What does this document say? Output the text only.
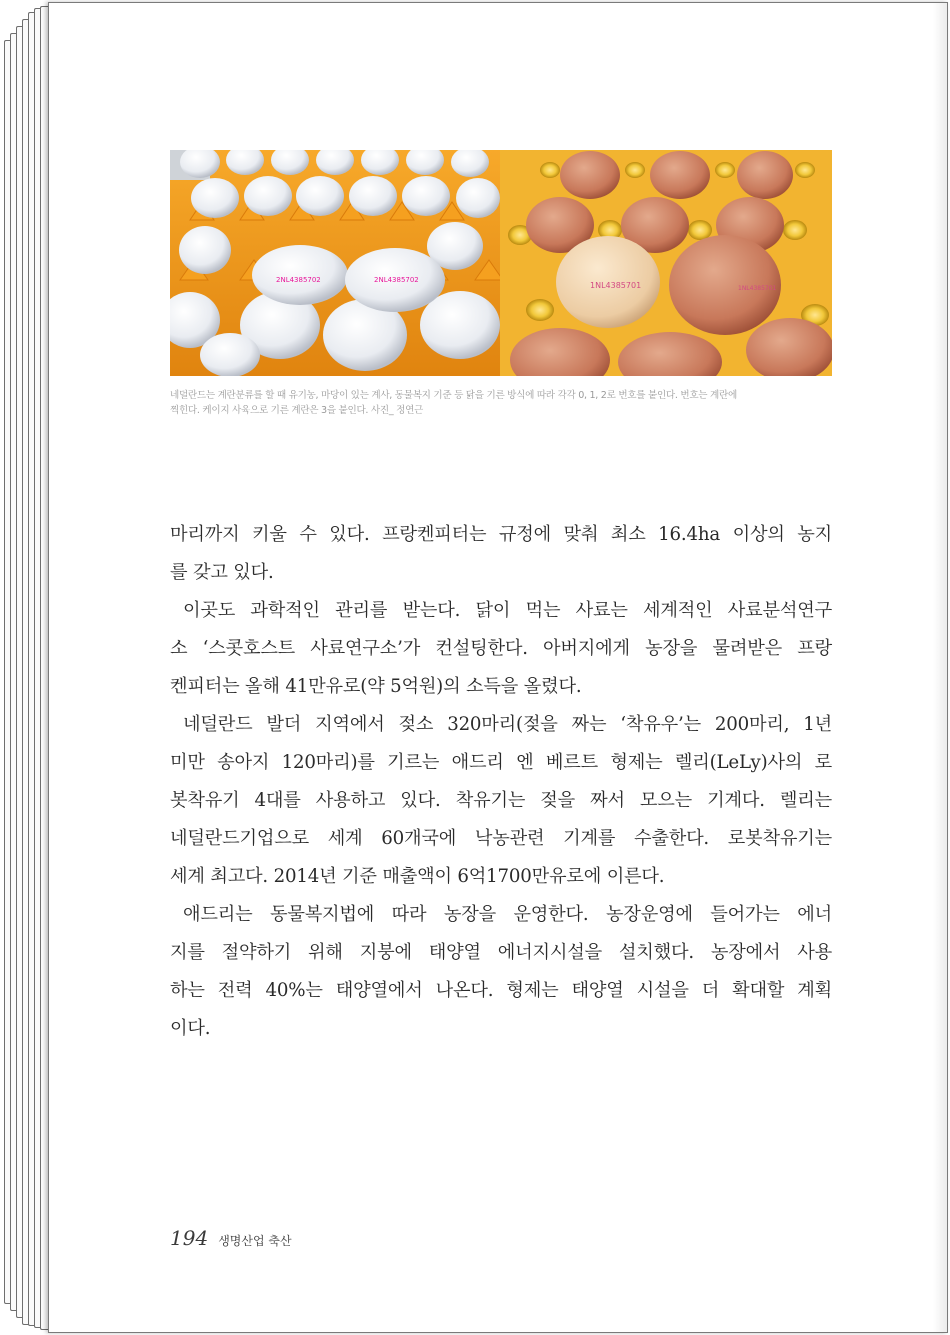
2NL4385702	2NL4385702
1NL4385701	1NL4385701
네덜란드는 계란분류를 할 때 유기농, 마당이 있는 계사, 동물복지 기준 등 닭을 기른 방식에 따라 각각 0, 1, 2로 번호를 붙인다. 번호는 계란에
찍힌다. 케이지 사육으로 기른 계란은 3을 붙인다. 사진_ 정연근
마리까지 키울 수 있다. 프랑켄피터는 규정에 맞춰 최소 16.4ha 이상의 농지
를 갖고 있다.
이곳도 과학적인 관리를 받는다. 닭이 먹는 사료는 세계적인 사료분석연구
소 ‘스콧호스트 사료연구소’가 컨설팅한다. 아버지에게 농장을 물려받은 프랑
켄피터는 올해 41만유로(약 5억원)의 소득을 올렸다.
네덜란드 발더 지역에서 젖소 320마리(젖을 짜는 ‘착유우’는 200마리, 1년
미만 송아지 120마리)를 기르는 애드리 엔 베르트 형제는 렐리(LeLy)사의 로
봇착유기 4대를 사용하고 있다. 착유기는 젖을 짜서 모으는 기계다. 렐리는
네덜란드기업으로 세계 60개국에 낙농관련 기계를 수출한다. 로봇착유기는
세계 최고다. 2014년 기준 매출액이 6억1700만유로에 이른다.
애드리는 동물복지법에 따라 농장을 운영한다. 농장운영에 들어가는 에너
지를 절약하기 위해 지붕에 태양열 에너지시설을 설치했다. 농장에서 사용
하는 전력 40%는 태양열에서 나온다. 형제는 태양열 시설을 더 확대할 계획
이다.
194 생명산업 축산
